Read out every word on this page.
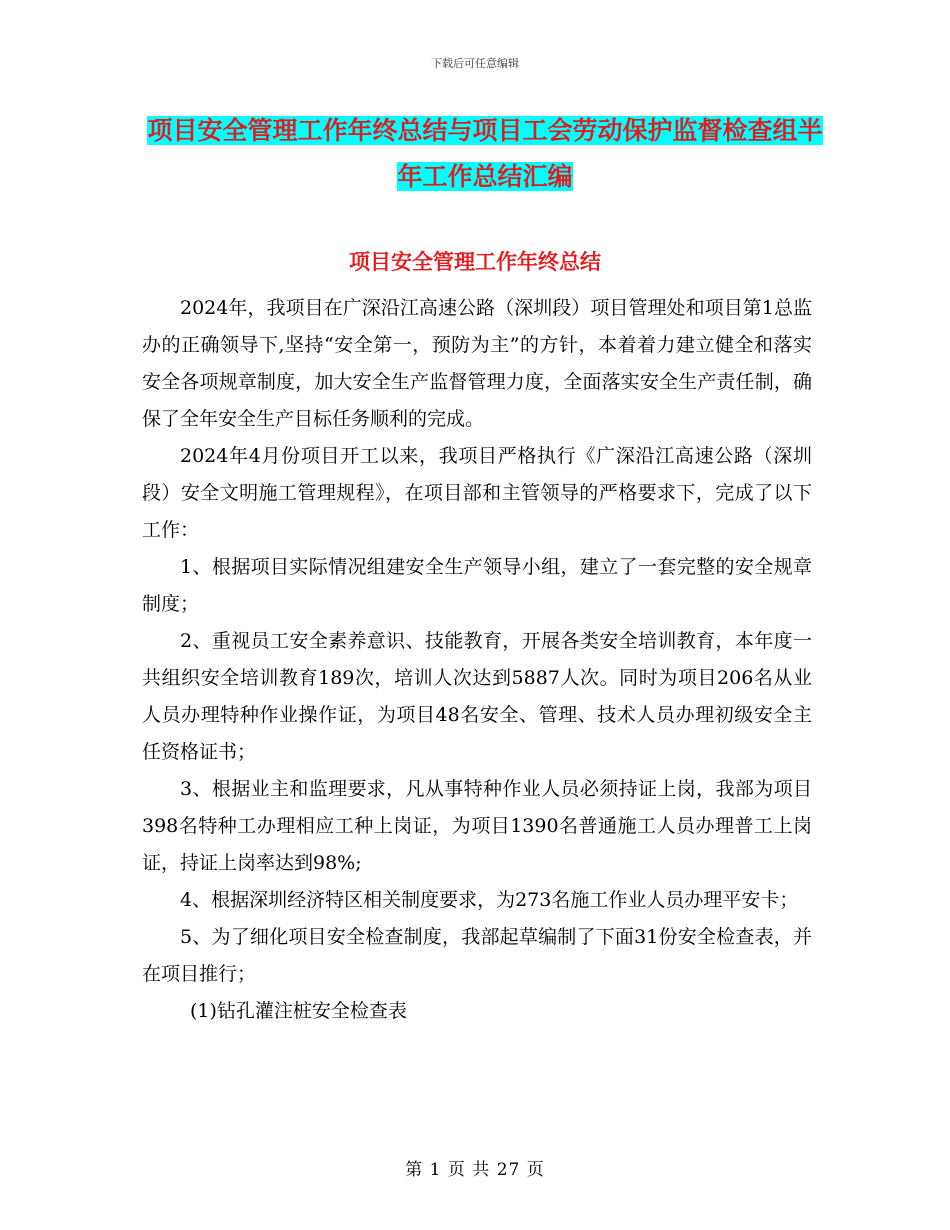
下载后可任意编辑
项目安全管理工作年终总结与项目工会劳动保护监督检查组半年工作总结汇编
项目安全管理工作年终总结

2024年，我项目在广深沿江高速公路（深圳段）项目管理处和项目第1总监办的正确领导下,坚持“安全第一，预防为主”的方针，本着着力建立健全和落实安全各项规章制度，加大安全生产监督管理力度，全面落实安全生产责任制，确保了全年安全生产目标任务顺利的完成。

2024年4月份项目开工以来，我项目严格执行《广深沿江高速公路（深圳段）安全文明施工管理规程》，在项目部和主管领导的严格要求下，完成了以下工作：

1、根据项目实际情况组建安全生产领导小组，建立了一套完整的安全规章制度；

2、重视员工安全素养意识、技能教育，开展各类安全培训教育，本年度一共组织安全培训教育189次，培训人次达到5887人次。同时为项目206名从业人员办理特种作业操作证，为项目48名安全、管理、技术人员办理初级安全主任资格证书；

3、根据业主和监理要求，凡从事特种作业人员必须持证上岗，我部为项目398名特种工办理相应工种上岗证，为项目1390名普通施工人员办理普工上岗证，持证上岗率达到98%;

4、根据深圳经济特区相关制度要求，为273名施工作业人员办理平安卡；

5、为了细化项目安全检查制度，我部起草编制了下面31份安全检查表，并在项目推行；

(1)钻孔灌注桩安全检查表

第 1 页 共 27 页
